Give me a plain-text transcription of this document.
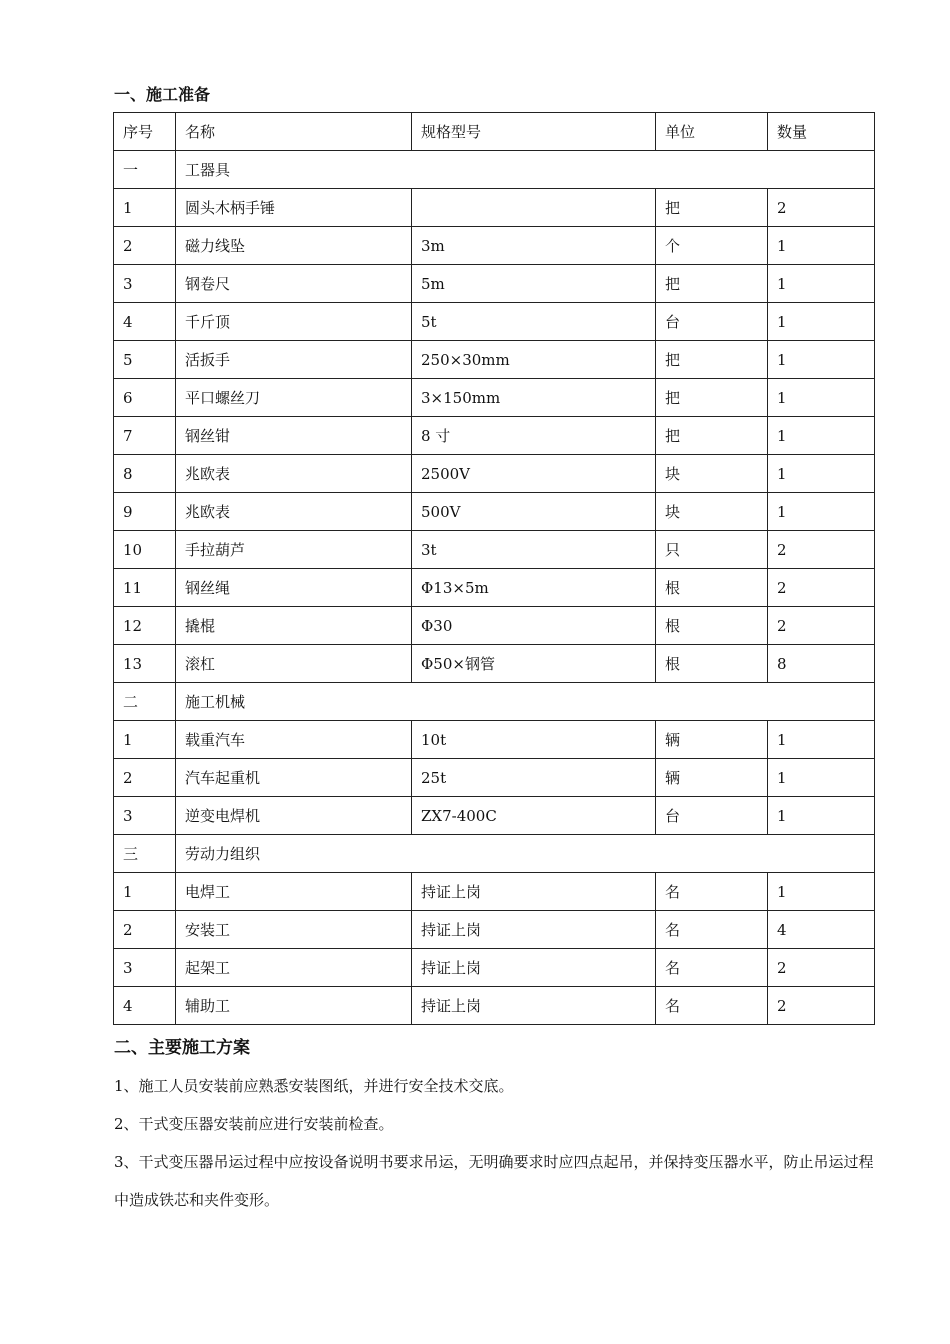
一、施工准备
序号	名称	规格型号	单位	数量
一	工器具			
1	圆头木柄手锤		把	2
2	磁力线坠	3m	个	1
3	钢卷尺	5m	把	1
4	千斤顶	5t	台	1
5	活扳手	250×30mm	把	1
6	平口螺丝刀	3×150mm	把	1
7	钢丝钳	8 寸	把	1
8	兆欧表	2500V	块	1
9	兆欧表	500V	块	1
10	手拉葫芦	3t	只	2
11	钢丝绳	Φ13×5m	根	2
12	撬棍	Φ30	根	2
13	滚杠	Φ50×钢管	根	8
二	施工机械			
1	载重汽车	10t	辆	1
2	汽车起重机	25t	辆	1
3	逆变电焊机	ZX7-400C	台	1
三	劳动力组织			
1	电焊工	持证上岗	名	1
2	安装工	持证上岗	名	4
3	起架工	持证上岗	名	2
4	辅助工	持证上岗	名	2
二、主要施工方案

1、施工人员安装前应熟悉安装图纸，并进行安全技术交底。

2、干式变压器安装前应进行安装前检查。

3、干式变压器吊运过程中应按设备说明书要求吊运，无明确要求时应四点起吊，并保持变压器水平，防止吊运过程中造成铁芯和夹件变形。
